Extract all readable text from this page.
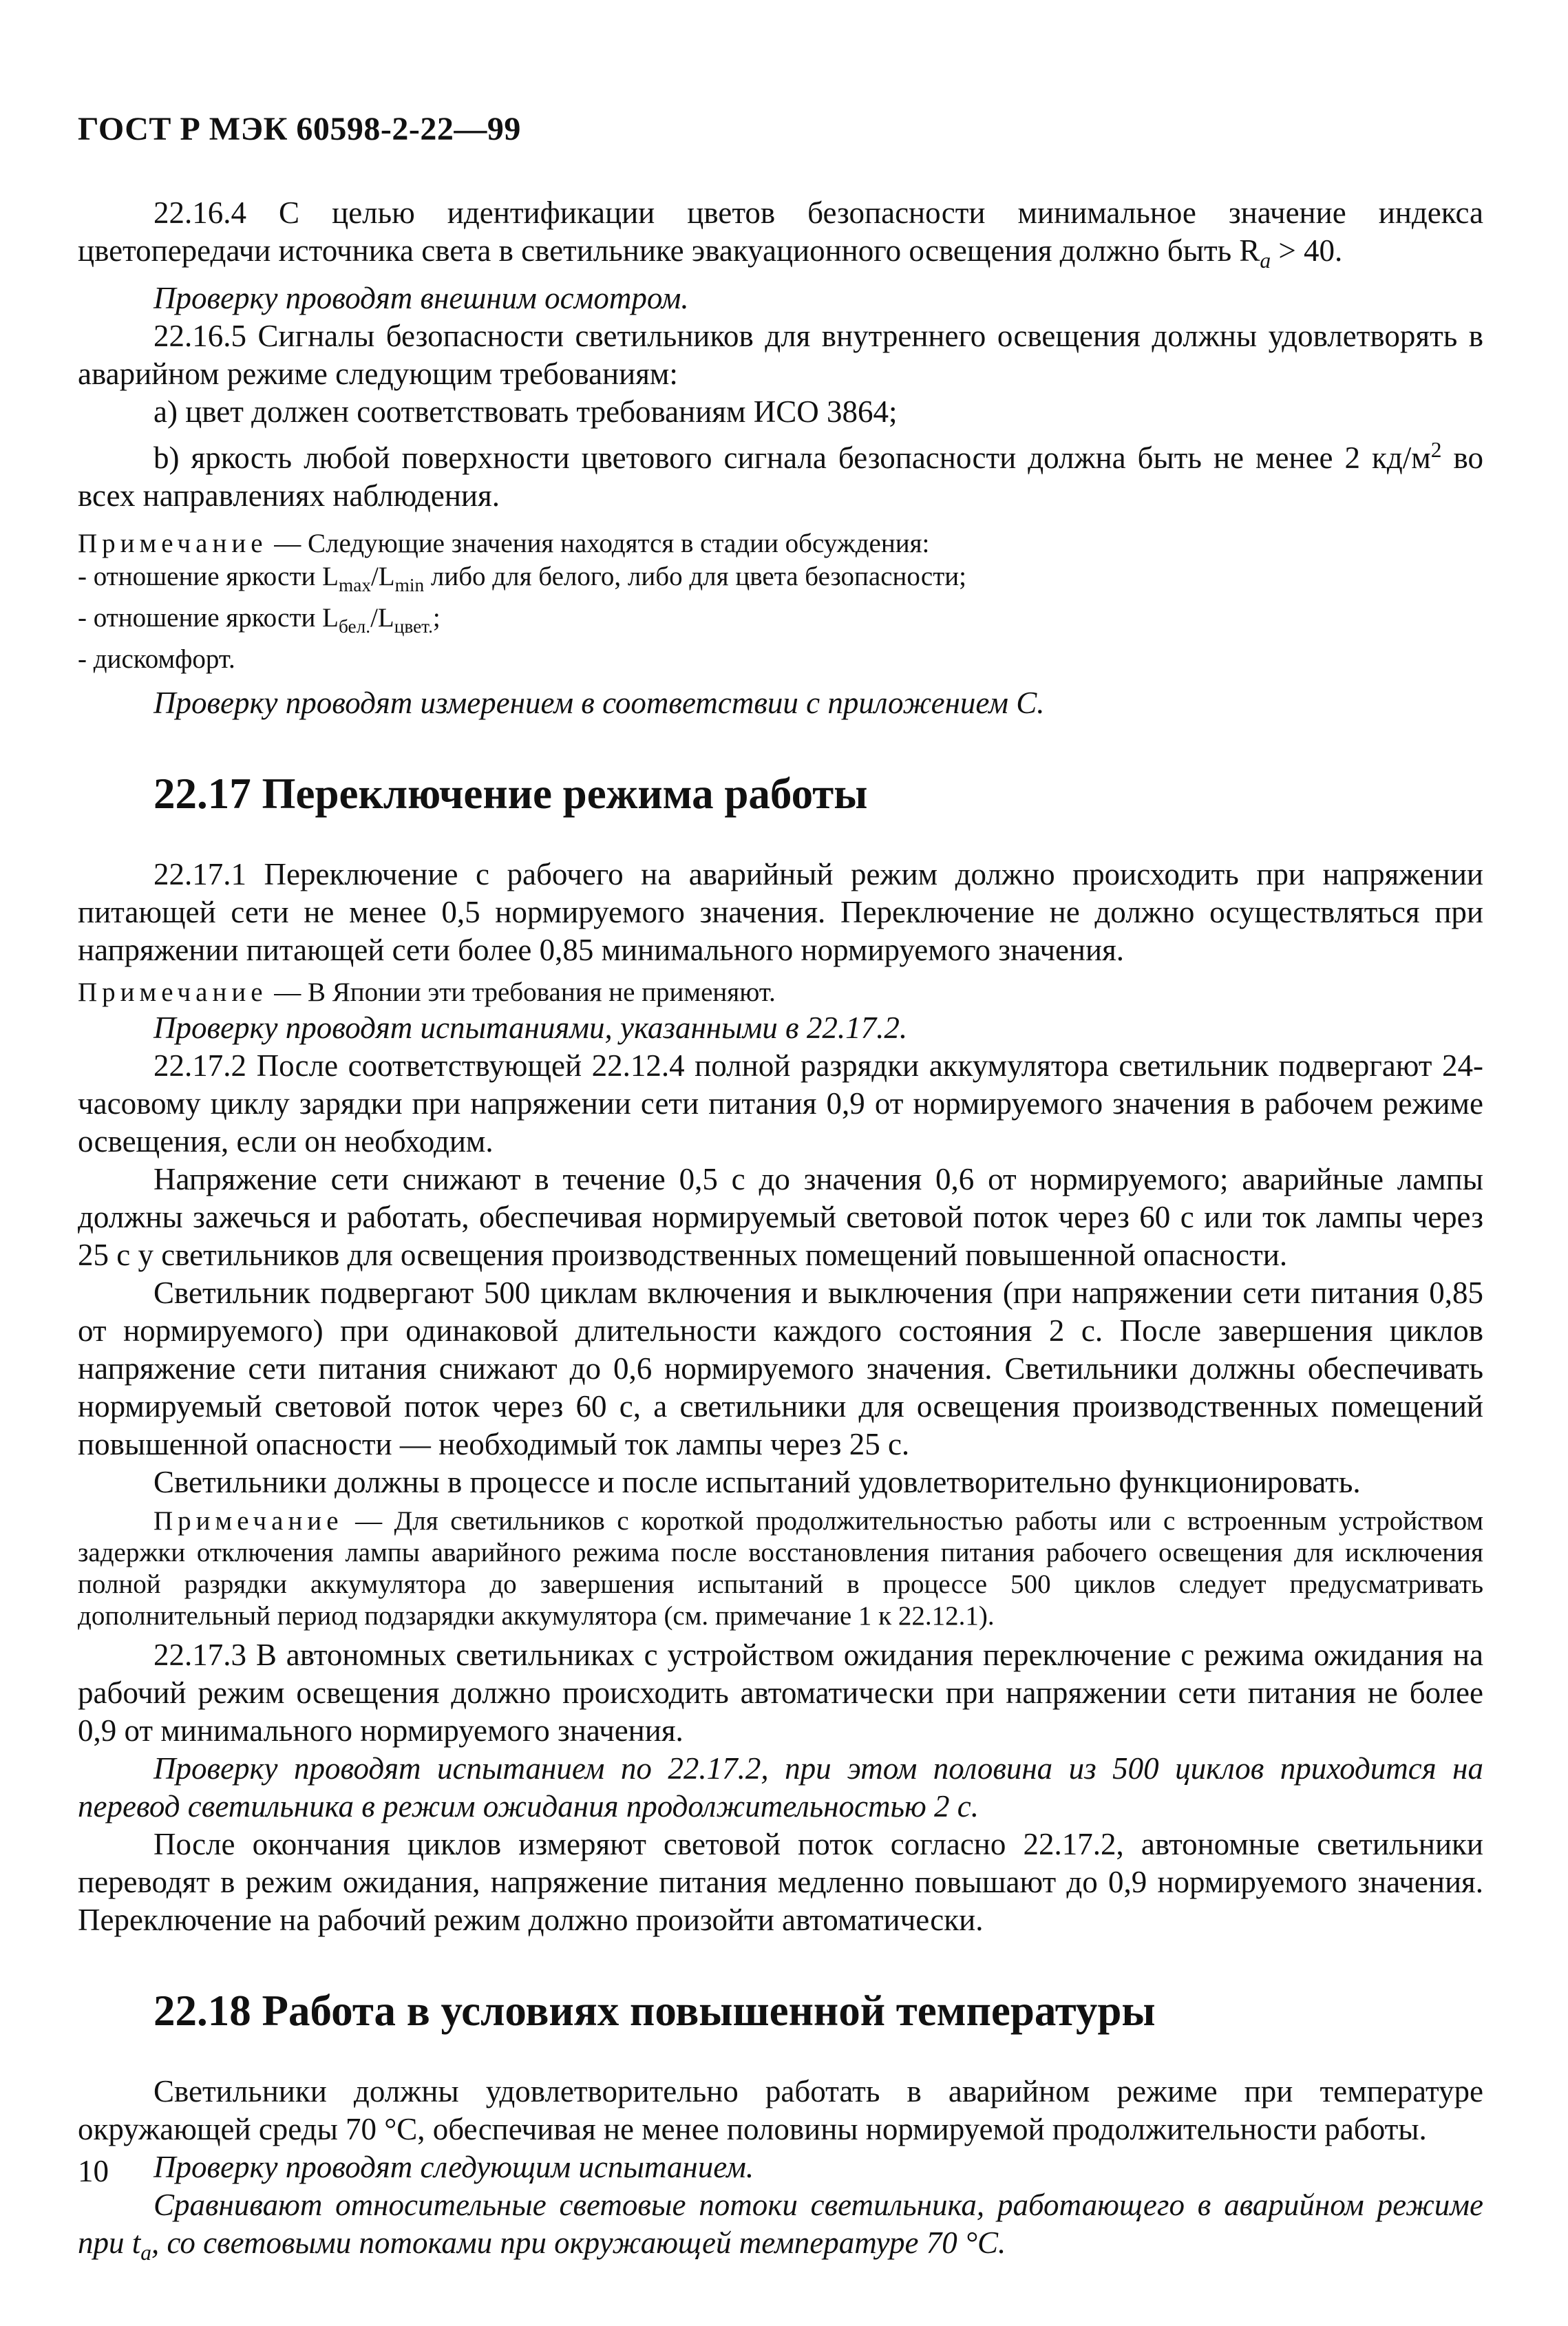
ГОСТ Р МЭК 60598-2-22—99

22.16.4 С целью идентификации цветов безопасности минимальное значение индекса цветопередачи источника света в светильнике эвакуационного освещения должно быть $R_a > 40$.

Проверку проводят внешним осмотром.

22.16.5 Сигналы безопасности светильников для внутреннего освещения должны удовлетворять в аварийном режиме следующим требованиям:

a) цвет должен соответствовать требованиям ИСО 3864;

b) яркость любой поверхности цветового сигнала безопасности должна быть не менее 2 $кд/м^2$ во всех направлениях наблюдения.

Примечание — Следующие значения находятся в стадии обсуждения:
- отношение яркости $L_{max}/L_{min}$ либо для белого, либо для цвета безопасности;
- отношение яркости $L_{бел.}/L_{цвет.}$;
- дискомфорт.

Проверку проводят измерением в соответствии с приложением С.

22.17 Переключение режима работы

22.17.1 Переключение с рабочего на аварийный режим должно происходить при напряжении питающей сети не менее 0,5 нормируемого значения. Переключение не должно осуществляться при напряжении питающей сети более 0,85 минимального нормируемого значения.

Примечание — В Японии эти требования не применяют.

Проверку проводят испытаниями, указанными в 22.17.2.

22.17.2 После соответствующей 22.12.4 полной разрядки аккумулятора светильник подвергают 24-часовому циклу зарядки при напряжении сети питания 0,9 от нормируемого значения в рабочем режиме освещения, если он необходим.

Напряжение сети снижают в течение 0,5 с до значения 0,6 от нормируемого; аварийные лампы должны зажечься и работать, обеспечивая нормируемый световой поток через 60 с или ток лампы через 25 с у светильников для освещения производственных помещений повышенной опасности.

Светильник подвергают 500 циклам включения и выключения (при напряжении сети питания 0,85 от нормируемого) при одинаковой длительности каждого состояния 2 с. После завершения циклов напряжение сети питания снижают до 0,6 нормируемого значения. Светильники должны обеспечивать нормируемый световой поток через 60 с, а светильники для освещения производственных помещений повышенной опасности — необходимый ток лампы через 25 с.

Светильники должны в процессе и после испытаний удовлетворительно функционировать.

Примечание — Для светильников с короткой продолжительностью работы или с встроенным устройством задержки отключения лампы аварийного режима после восстановления питания рабочего освещения для исключения полной разрядки аккумулятора до завершения испытаний в процессе 500 циклов следует предусматривать дополнительный период подзарядки аккумулятора (см. примечание 1 к 22.12.1).

22.17.3 В автономных светильниках с устройством ожидания переключение с режима ожидания на рабочий режим освещения должно происходить автоматически при напряжении сети питания не более 0,9 от минимального нормируемого значения.

Проверку проводят испытанием по 22.17.2, при этом половина из 500 циклов приходится на перевод светильника в режим ожидания продолжительностью 2 с.

После окончания циклов измеряют световой поток согласно 22.17.2, автономные светильники переводят в режим ожидания, напряжение питания медленно повышают до 0,9 нормируемого значения. Переключение на рабочий режим должно произойти автоматически.

22.18 Работа в условиях повышенной температуры

Светильники должны удовлетворительно работать в аварийном режиме при температуре окружающей среды 70 °С, обеспечивая не менее половины нормируемой продолжительности работы.

Проверку проводят следующим испытанием.

Сравнивают относительные световые потоки светильника, работающего в аварийном режиме при $t_a$, со световыми потоками при окружающей температуре 70 °С.

10
